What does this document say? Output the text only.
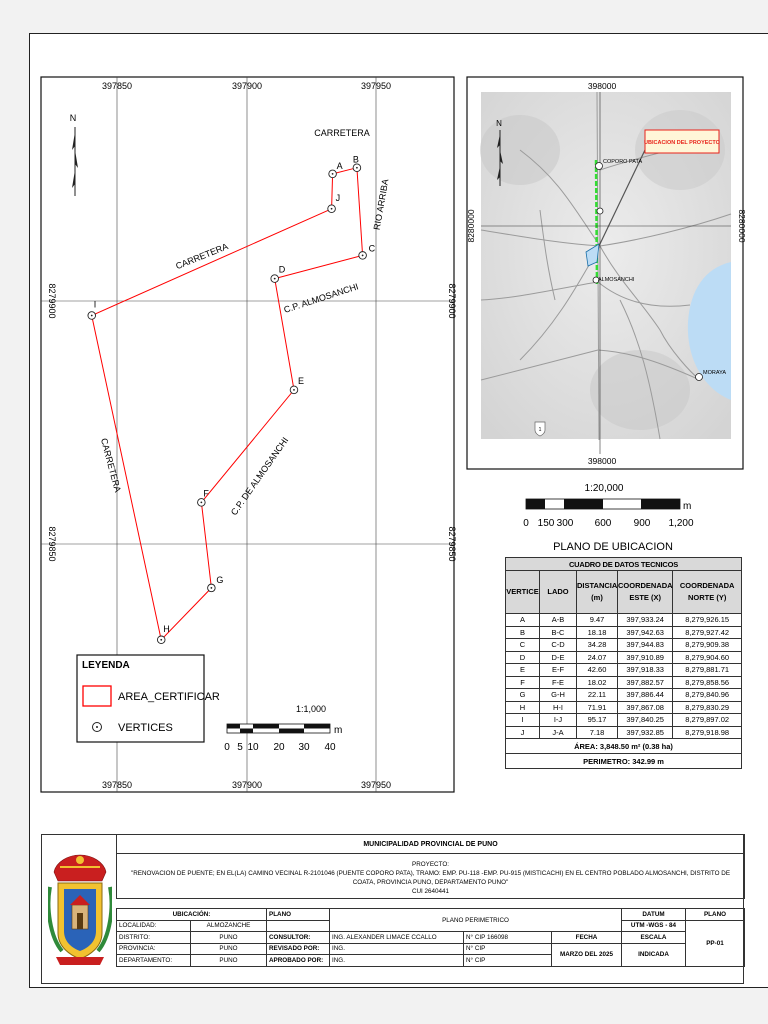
397850	397900	397950
397850	397900	397950
8279900
8279850
8279900
8279850
N
A
B
C
D
E
F
G
H
I
J
CARRETERA
CARRETERA
CARRETERA
RIO ARRIBA
C.P. ALMOSANCHI
C.P. DE ALMOSANCHI
LEYENDA
AREA_CERTIFICAR
VERTICES
1:1,000
0 5 10 20 30 40
m
UBICACION DEL PROYECTO
398000
398000
8280000	8280000
COPORO PATA
ALMOSANCHI
MORAYA
1
N
1:20,000
0 150 300 600 900 1,200
m
PLANO DE UBICACION
CUADRO DE DATOS TECNICOS				
VERTICE	LADO	DISTANCIA (m)	COORDENADA ESTE (X)	COORDENADA NORTE (Y)
A	A-B	9.47	397,933.24	8,279,926.15
B	B-C	18.18	397,942.63	8,279,927.42
C	C-D	34.28	397,944.83	8,279,909.38
D	D-E	24.07	397,910.89	8,279,904.60
E	E-F	42.60	397,918.33	8,279,881.71
F	F-E	18.02	397,882.57	8,279,858.56
G	G-H	22.11	397,886.44	8,279,840.96
H	H-I	71.91	397,867.08	8,279,830.29
I	I-J	95.17	397,840.25	8,279,897.02
J	J-A	7.18	397,932.85	8,279,918.98
ÁREA: 3,848.50 m² (0.38 ha)				
PERIMETRO: 342.99 m				
MUNICIPALIDAD PROVINCIAL DE PUNO

PROYECTO:
"RENOVACION DE PUENTE; EN EL(LA) CAMINO VECINAL R-2101046 (PUENTE COPORO PATA), TRAMO: EMP. PU-118 -EMP. PU-915 (MISTICACHI) EN EL CENTRO POBLADO ALMOSANCHI, DISTRITO DE COATA, PROVINCIA PUNO, DEPARTAMENTO PUNO"
CUI 2640441
UBICACIÓN:		PLANO	PLANO PERIMETRICO			DATUM	PLANO
LOCALIDAD:	ALMOZANCHE					UTM -WGS - 84	PP-01
DISTRITO:	PUNO	CONSULTOR:	ING. ALEXANDER LIMACE CCALLO	N° CIP 166098	FECHA	ESCALA	
PROVINCIA:	PUNO	REVISADO POR:	ING.	N° CIP	MARZO DEL 2025	INDICADA	
DEPARTAMENTO:	PUNO	APROBADO POR:	ING.	N° CIP			
